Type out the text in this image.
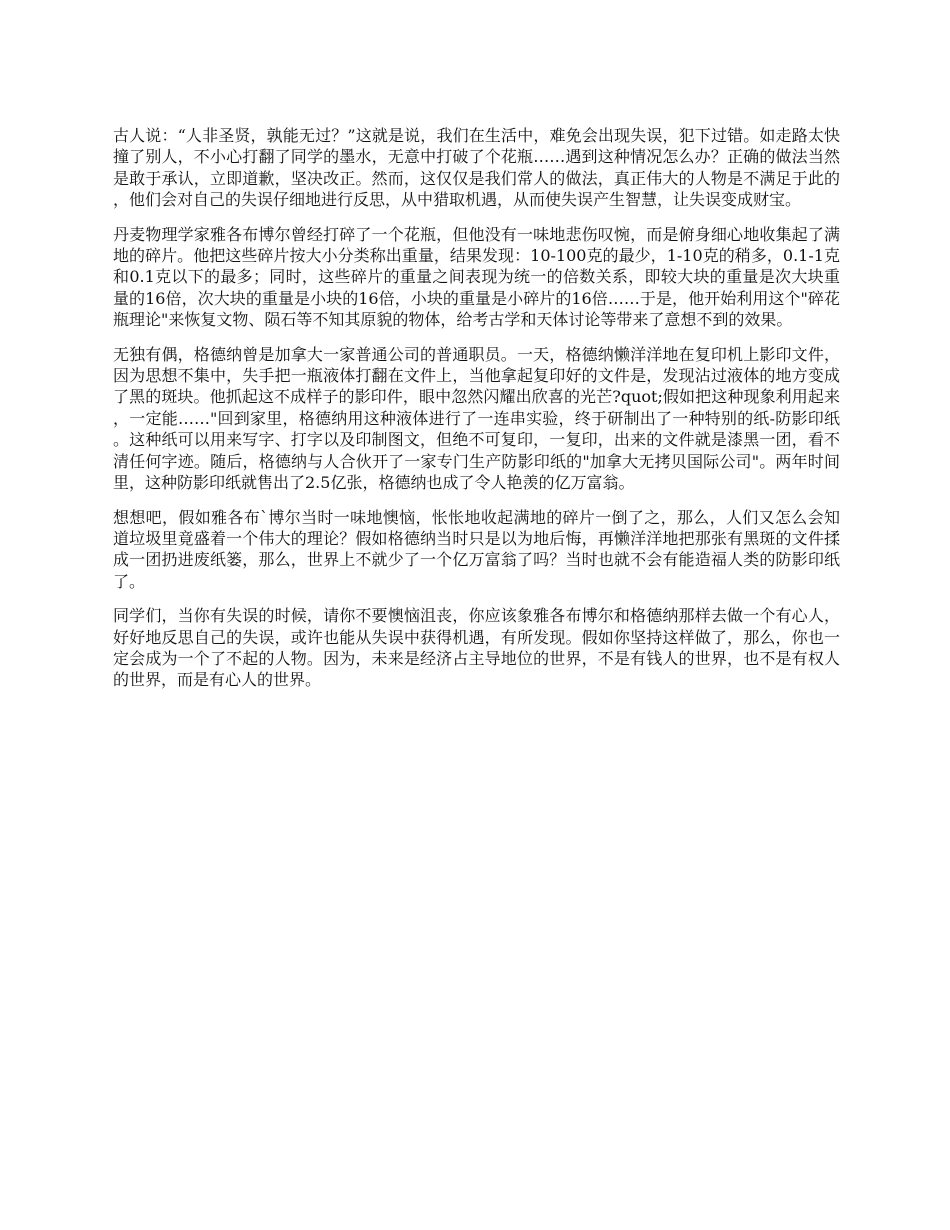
古人说：“人非圣贤，孰能无过？”这就是说，我们在生活中，难免会出现失误，犯下过错。如走路太快撞了别人，不小心打翻了同学的墨水，无意中打破了个花瓶……遇到这种情况怎么办？正确的做法当然是敢于承认，立即道歉，坚决改正。然而，这仅仅是我们常人的做法，真正伟大的人物是不满足于此的，他们会对自己的失误仔细地进行反思，从中猎取机遇，从而使失误产生智慧，让失误变成财宝。

丹麦物理学家雅各布博尔曾经打碎了一个花瓶，但他没有一味地悲伤叹惋，而是俯身细心地收集起了满地的碎片。他把这些碎片按大小分类称出重量，结果发现：10-100克的最少，1-10克的稍多，0.1-1克和0.1克以下的最多；同时，这些碎片的重量之间表现为统一的倍数关系，即较大块的重量是次大块重量的16倍，次大块的重量是小块的16倍，小块的重量是小碎片的16倍……于是，他开始利用这个"碎花瓶理论"来恢复文物、陨石等不知其原貌的物体，给考古学和天体讨论等带来了意想不到的效果。

无独有偶，格德纳曾是加拿大一家普通公司的普通职员。一天，格德纳懒洋洋地在复印机上影印文件，因为思想不集中，失手把一瓶液体打翻在文件上，当他拿起复印好的文件是，发现沾过液体的地方变成了黑的斑块。他抓起这不成样子的影印件，眼中忽然闪耀出欣喜的光芒?quot;假如把这种现象利用起来，一定能……"回到家里，格德纳用这种液体进行了一连串实验，终于研制出了一种特别的纸-防影印纸。这种纸可以用来写字、打字以及印制图文，但绝不可复印，一复印，出来的文件就是漆黑一团，看不清任何字迹。随后，格德纳与人合伙开了一家专门生产防影印纸的"加拿大无拷贝国际公司"。两年时间里，这种防影印纸就售出了2.5亿张，格德纳也成了令人艳羡的亿万富翁。

想想吧，假如雅各布`博尔当时一味地懊恼，怅怅地收起满地的碎片一倒了之，那么，人们又怎么会知道垃圾里竟盛着一个伟大的理论？假如格德纳当时只是以为地后悔，再懒洋洋地把那张有黑斑的文件揉成一团扔进废纸篓，那么，世界上不就少了一个亿万富翁了吗？当时也就不会有能造福人类的防影印纸了。

同学们，当你有失误的时候，请你不要懊恼沮丧，你应该象雅各布博尔和格德纳那样去做一个有心人，好好地反思自己的失误，或许也能从失误中获得机遇，有所发现。假如你坚持这样做了，那么，你也一定会成为一个了不起的人物。因为，未来是经济占主导地位的世界，不是有钱人的世界，也不是有权人的世界，而是有心人的世界。
